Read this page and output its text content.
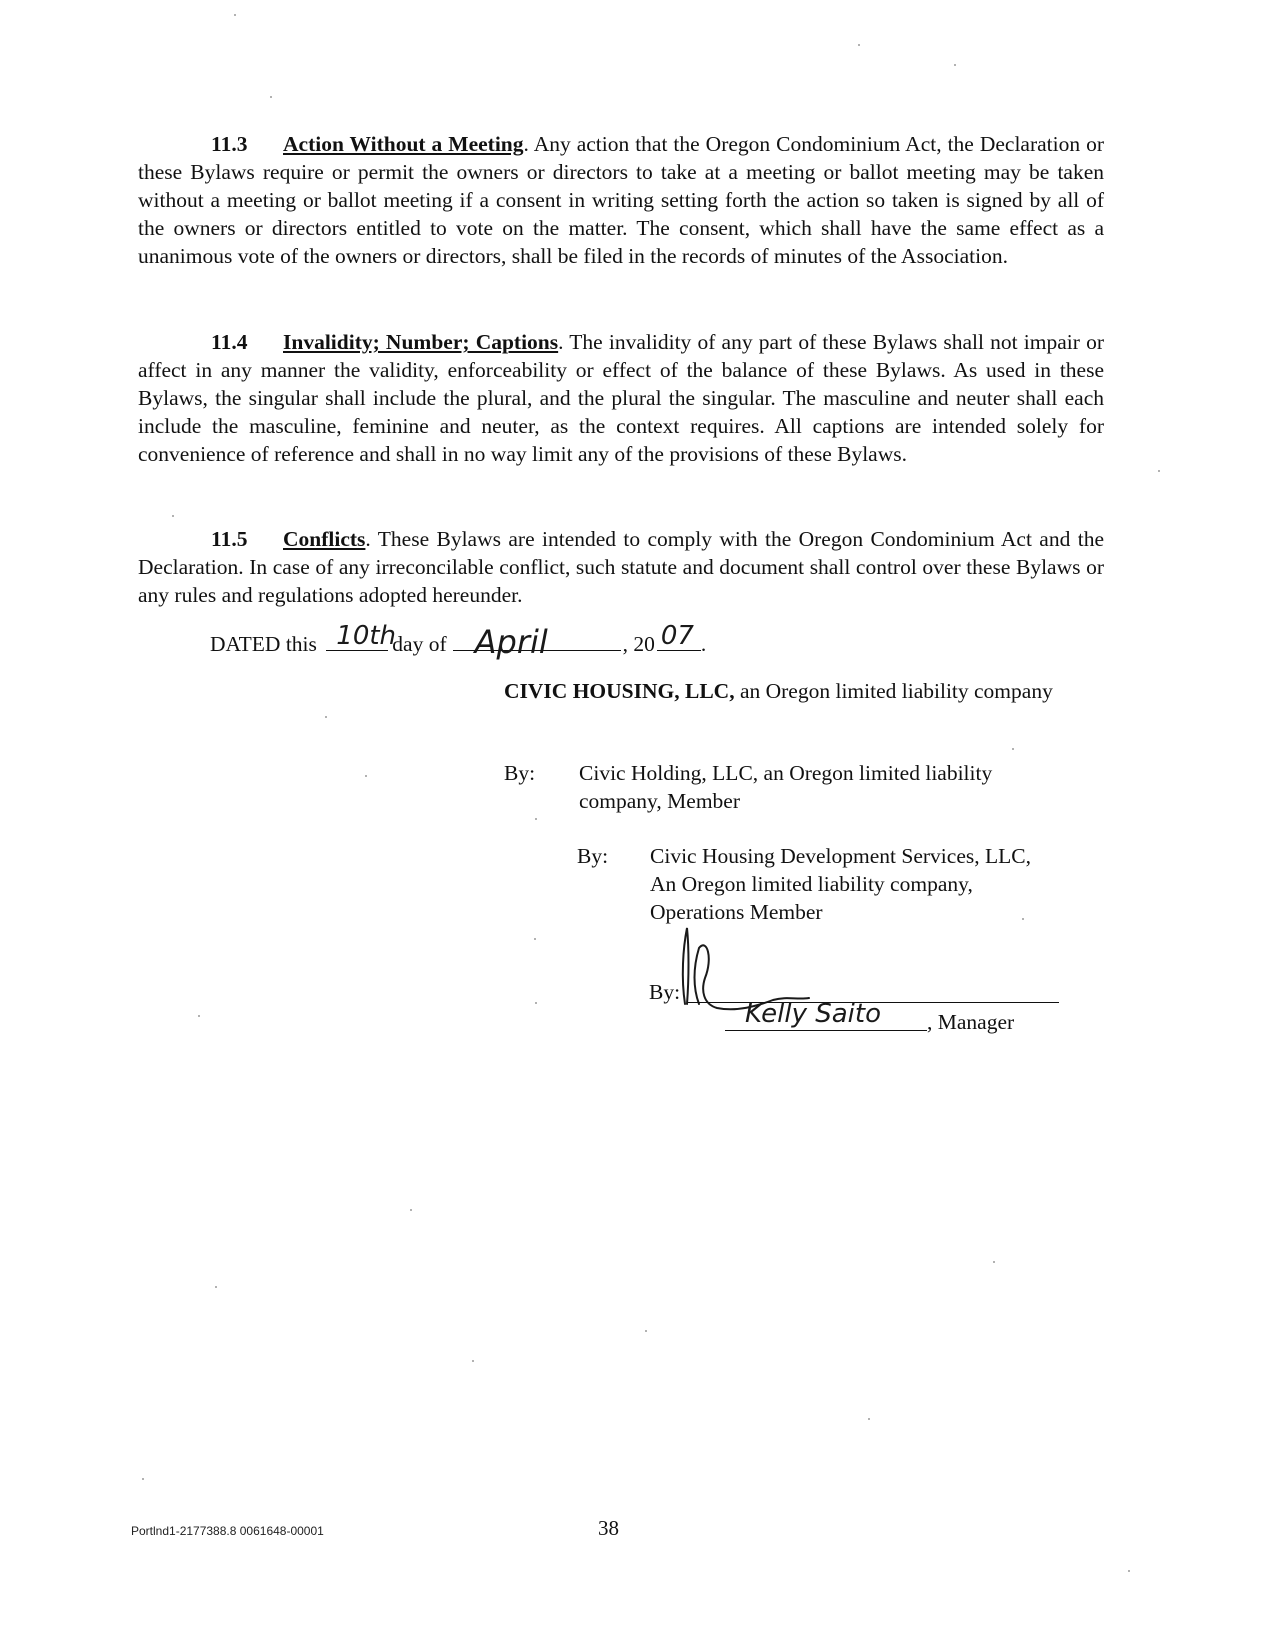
11.3 Action Without a Meeting. Any action that the Oregon Condominium Act, the Declaration or these Bylaws require or permit the owners or directors to take at a meeting or ballot meeting may be taken without a meeting or ballot meeting if a consent in writing setting forth the action so taken is signed by all of the owners or directors entitled to vote on the matter. The consent, which shall have the same effect as a unanimous vote of the owners or directors, shall be filed in the records of minutes of the Association.

11.4 Invalidity; Number; Captions. The invalidity of any part of these Bylaws shall not impair or affect in any manner the validity, enforceability or effect of the balance of these Bylaws. As used in these Bylaws, the singular shall include the plural, and the plural the singular. The masculine and neuter shall each include the masculine, feminine and neuter, as the context requires. All captions are intended solely for convenience of reference and shall in no way limit any of the provisions of these Bylaws.

11.5 Conflicts. These Bylaws are intended to comply with the Oregon Condominium Act and the Declaration. In case of any irreconcilable conflict, such statute and document shall control over these Bylaws or any rules and regulations adopted hereunder.

DATED this 10th
day of April	, 20 07 .
CIVIC HOUSING, LLC, an Oregon limited liability company
By: Civic Holding, LLC, an Oregon limited liability
company, Member
By: Civic Housing Development Services, LLC,
An Oregon limited liability company,
Operations Member
By:
Kelly Saito , Manager
Portlnd1-2177388.8 0061648-00001	38
